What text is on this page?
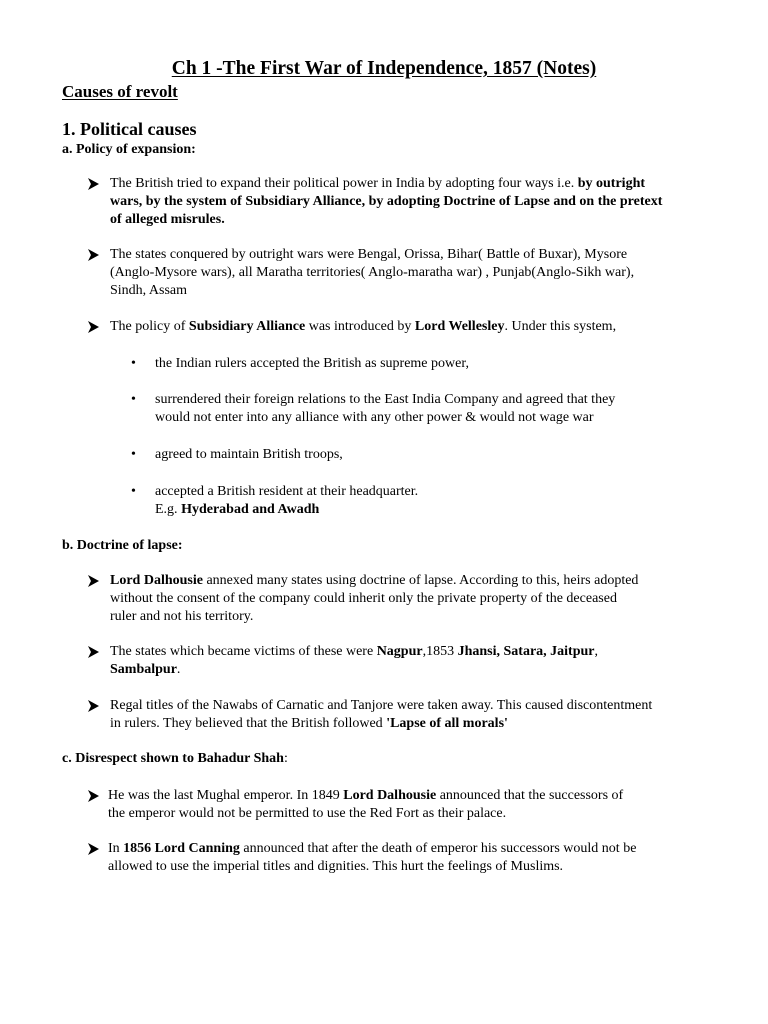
Ch 1 -The First War of Independence, 1857 (Notes)
Causes of revolt
1. Political causes
a. Policy of expansion:
The British tried to expand their political power in India by adopting four ways i.e. by outright
wars, by the system of Subsidiary Alliance, by adopting Doctrine of Lapse and on the pretext
of alleged misrules.
The states conquered by outright wars were Bengal, Orissa, Bihar( Battle of Buxar), Mysore
(Anglo-Mysore wars), all Maratha territories( Anglo-maratha war) , Punjab(Anglo-Sikh war),
Sindh, Assam
The policy of Subsidiary Alliance was introduced by Lord Wellesley. Under this system,
• the Indian rulers accepted the British as supreme power,
• surrendered their foreign relations to the East India Company and agreed that they
would not enter into any alliance with any other power & would not wage war
• agreed to maintain British troops,
• accepted a British resident at their headquarter.
E.g. Hyderabad and Awadh
b. Doctrine of lapse:
Lord Dalhousie annexed many states using doctrine of lapse. According to this, heirs adopted
without the consent of the company could inherit only the private property of the deceased
ruler and not his territory.
The states which became victims of these were Nagpur,1853 Jhansi, Satara, Jaitpur,
Sambalpur.
Regal titles of the Nawabs of Carnatic and Tanjore were taken away. This caused discontentment
in rulers. They believed that the British followed 'Lapse of all morals'
c. Disrespect shown to Bahadur Shah:
He was the last Mughal emperor. In 1849 Lord Dalhousie announced that the successors of
the emperor would not be permitted to use the Red Fort as their palace.
In 1856 Lord Canning announced that after the death of emperor his successors would not be
allowed to use the imperial titles and dignities. This hurt the feelings of Muslims.
